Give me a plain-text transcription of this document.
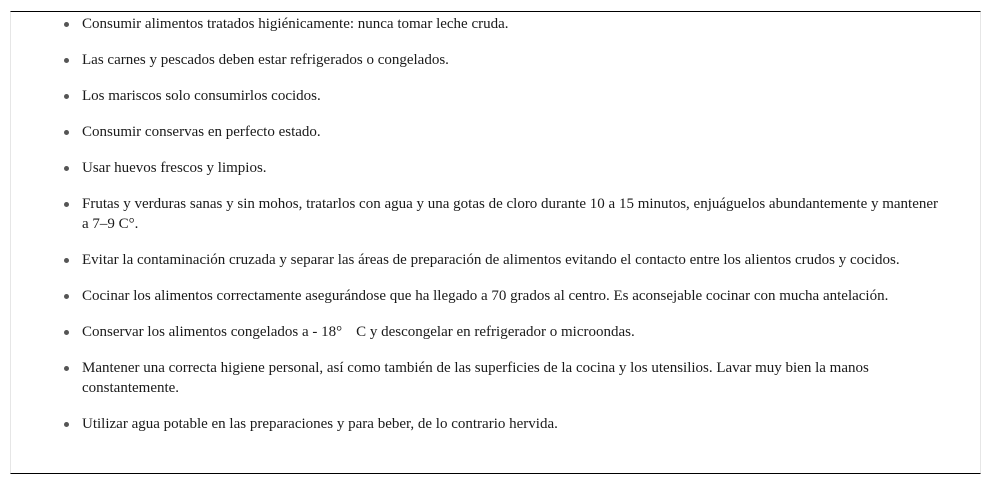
Consumir alimentos tratados higiénicamente: nunca tomar leche cruda.
Las carnes y pescados deben estar refrigerados o congelados.
Los mariscos solo consumirlos cocidos.
Consumir conservas en perfecto estado.
Usar huevos frescos y limpios.
Frutas y verduras sanas y sin mohos, tratarlos con agua y una gotas de cloro durante 10 a 15 minutos, enjuáguelos abundantemente y mantener a 7–9 C°.
Evitar la contaminación cruzada y separar las áreas de preparación de alimentos evitando el contacto entre los alientos crudos y cocidos.
Cocinar los alimentos correctamente asegurándose que ha llegado a 70 grados al centro. Es aconsejable cocinar con mucha antelación.
Conservar los alimentos congelados a - 18° C y descongelar en refrigerador o microondas.
Mantener una correcta higiene personal, así como también de las superficies de la cocina y los utensilios. Lavar muy bien la manos constantemente.
Utilizar agua potable en las preparaciones y para beber, de lo contrario hervida.
